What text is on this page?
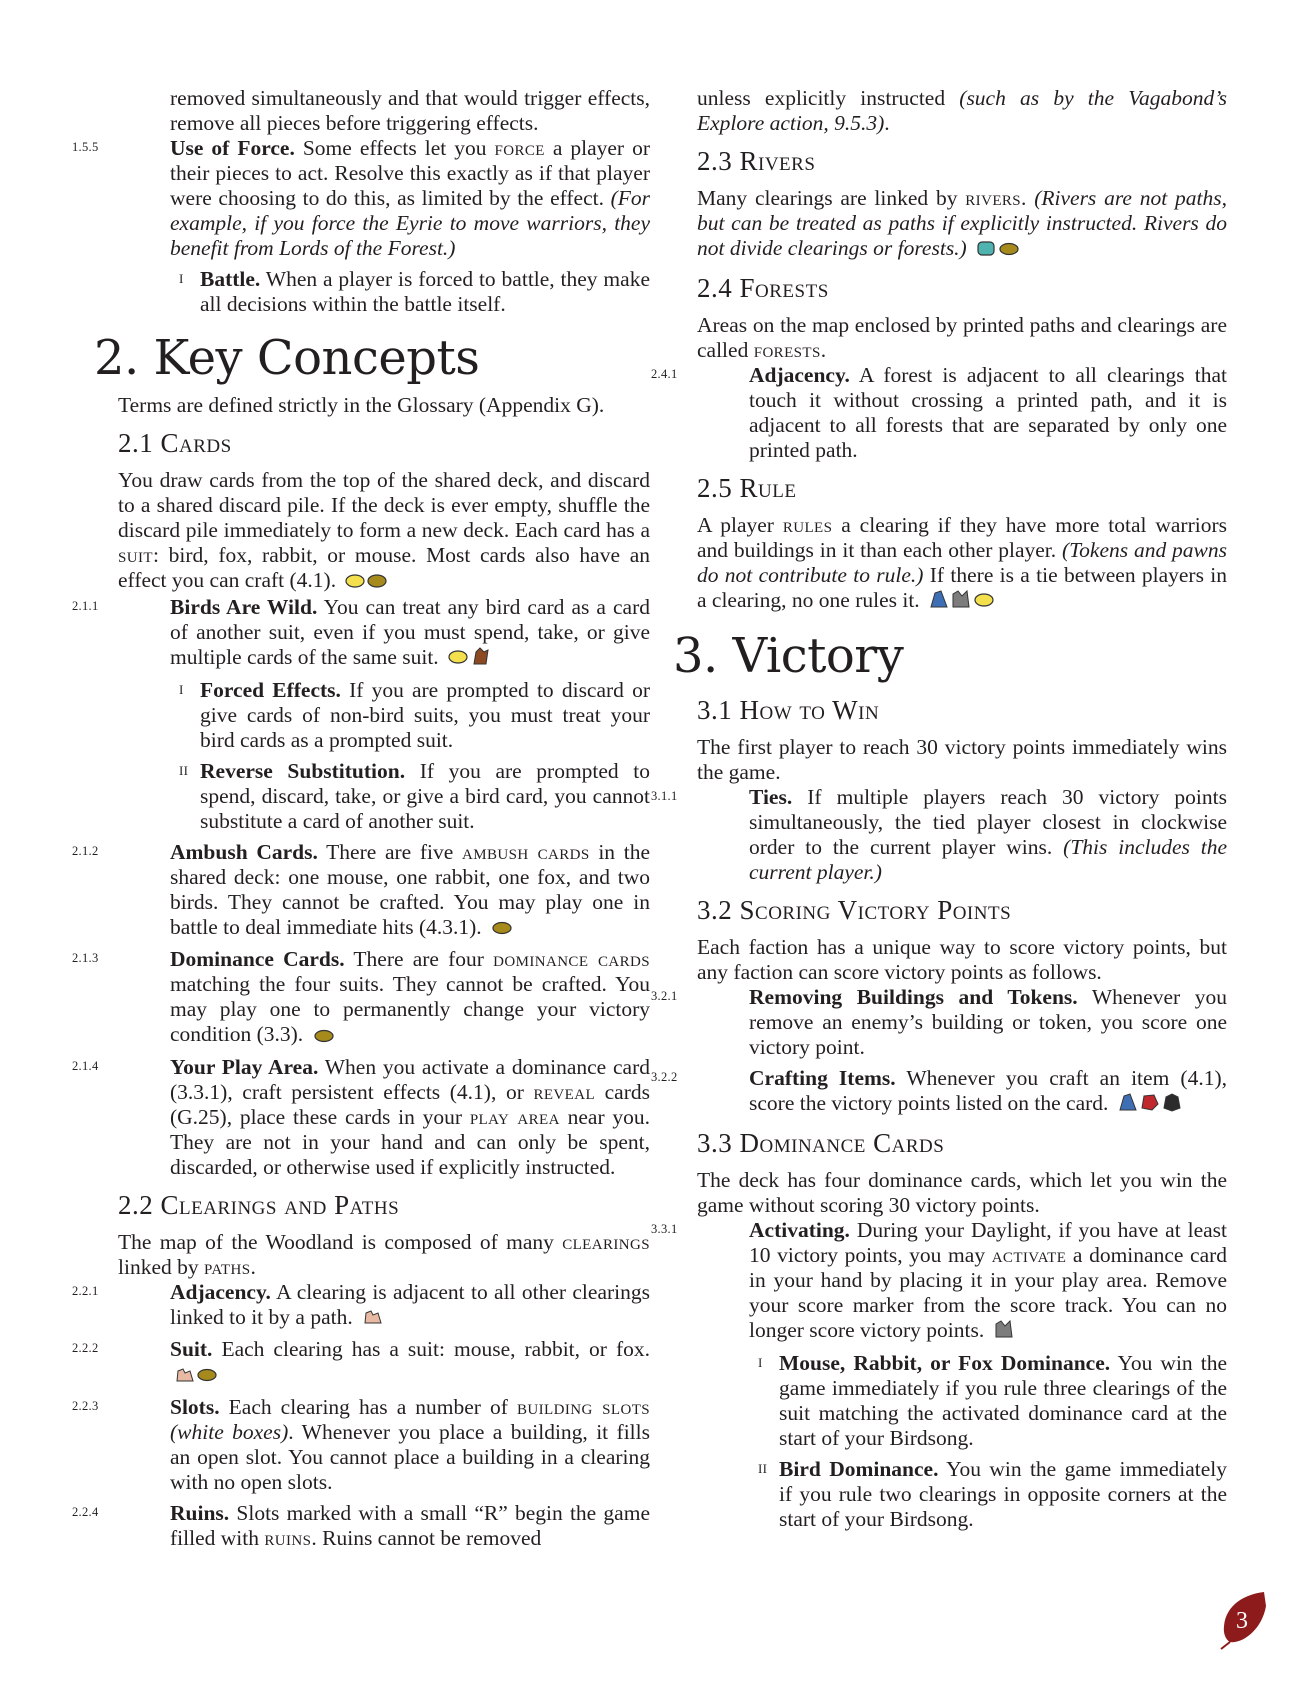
removed simultaneously and that would trigger effects, remove all pieces before triggering effects.

1.5.5	Use of Force. Some effects let you force a player or their pieces to act. Resolve this exactly as if that player were choosing to do this, as limited by the effect. (For example, if you force the Eyrie to move warriors, they benefit from Lords of the Forest.)

I Battle. When a player is forced to battle, they make all decisions within the battle itself.

2. Key Concepts

Terms are defined strictly in the Glossary (Appendix G).

2.1 Cards

You draw cards from the top of the shared deck, and discard to a shared discard pile. If the deck is ever empty, shuffle the discard pile immediately to form a new deck. Each card has a suit: bird, fox, rabbit, or mouse. Most cards also have an effect you can craft (4.1).

2.1.1	Birds Are Wild. You can treat any bird card as a card of another suit, even if you must spend, take, or give multiple cards of the same suit.

I Forced Effects. If you are prompted to discard or give cards of non-bird suits, you must treat your bird cards as a prompted suit.

II Reverse Substitution. If you are prompted to spend, discard, take, or give a bird card, you cannot substitute a card of another suit.

2.1.2	Ambush Cards. There are five ambush cards in the shared deck: one mouse, one rabbit, one fox, and two birds. They cannot be crafted. You may play one in battle to deal immediate hits (4.3.1).

2.1.3	Dominance Cards. There are four dominance cards matching the four suits. They cannot be crafted. You may play one to permanently change your victory condition (3.3).

2.1.4	Your Play Area. When you activate a dominance card (3.3.1), craft persistent effects (4.1), or reveal cards (G.25), place these cards in your play area near you. They are not in your hand and can only be spent, discarded, or otherwise used if explicitly instructed.

2.2 Clearings and Paths

The map of the Woodland is composed of many clearings linked by paths.

2.2.1	Adjacency. A clearing is adjacent to all other clearings linked to it by a path.

2.2.2	Suit. Each clearing has a suit: mouse, rabbit, or fox.

2.2.3	Slots. Each clearing has a number of building slots (white boxes). Whenever you place a building, it fills an open slot. You cannot place a building in a clearing with no open slots.

2.2.4	Ruins. Slots marked with a small “R” begin the game filled with ruins. Ruins cannot be removed

unless explicitly instructed (such as by the Vagabond’s Explore action, 9.5.3).

2.3 Rivers

Many clearings are linked by rivers. (Rivers are not paths, but can be treated as paths if explicitly instructed. Rivers do not divide clearings or forests.)

2.4 Forests

Areas on the map enclosed by printed paths and clearings are called forests.

2.4.1	Adjacency. A forest is adjacent to all clearings that touch it without crossing a printed path, and it is adjacent to all forests that are separated by only one printed path.

2.5 Rule

A player rules a clearing if they have more total warriors and buildings in it than each other player. (Tokens and pawns do not contribute to rule.) If there is a tie between players in a clearing, no one rules it.

3. Victory
3.1 How to Win

The first player to reach 30 victory points immediately wins the game.

3.1.1	Ties. If multiple players reach 30 victory points simultaneously, the tied player closest in clockwise order to the current player wins. (This includes the current player.)

3.2 Scoring Victory Points

Each faction has a unique way to score victory points, but any faction can score victory points as follows.

3.2.1	Removing Buildings and Tokens. Whenever you remove an enemy’s building or token, you score one victory point.

3.2.2	Crafting Items. Whenever you craft an item (4.1), score the victory points listed on the card.

3.3 Dominance Cards

The deck has four dominance cards, which let you win the game without scoring 30 victory points.

3.3.1	Activating. During your Daylight, if you have at least 10 victory points, you may activate a dominance card in your hand by placing it in your play area. Remove your score marker from the score track. You can no longer score victory points.

I Mouse, Rabbit, or Fox Dominance. You win the game immediately if you rule three clearings of the suit matching the activated dominance card at the start of your Birdsong.

II Bird Dominance. You win the game immediately if you rule two clearings in opposite corners at the start of your Birdsong.

3
